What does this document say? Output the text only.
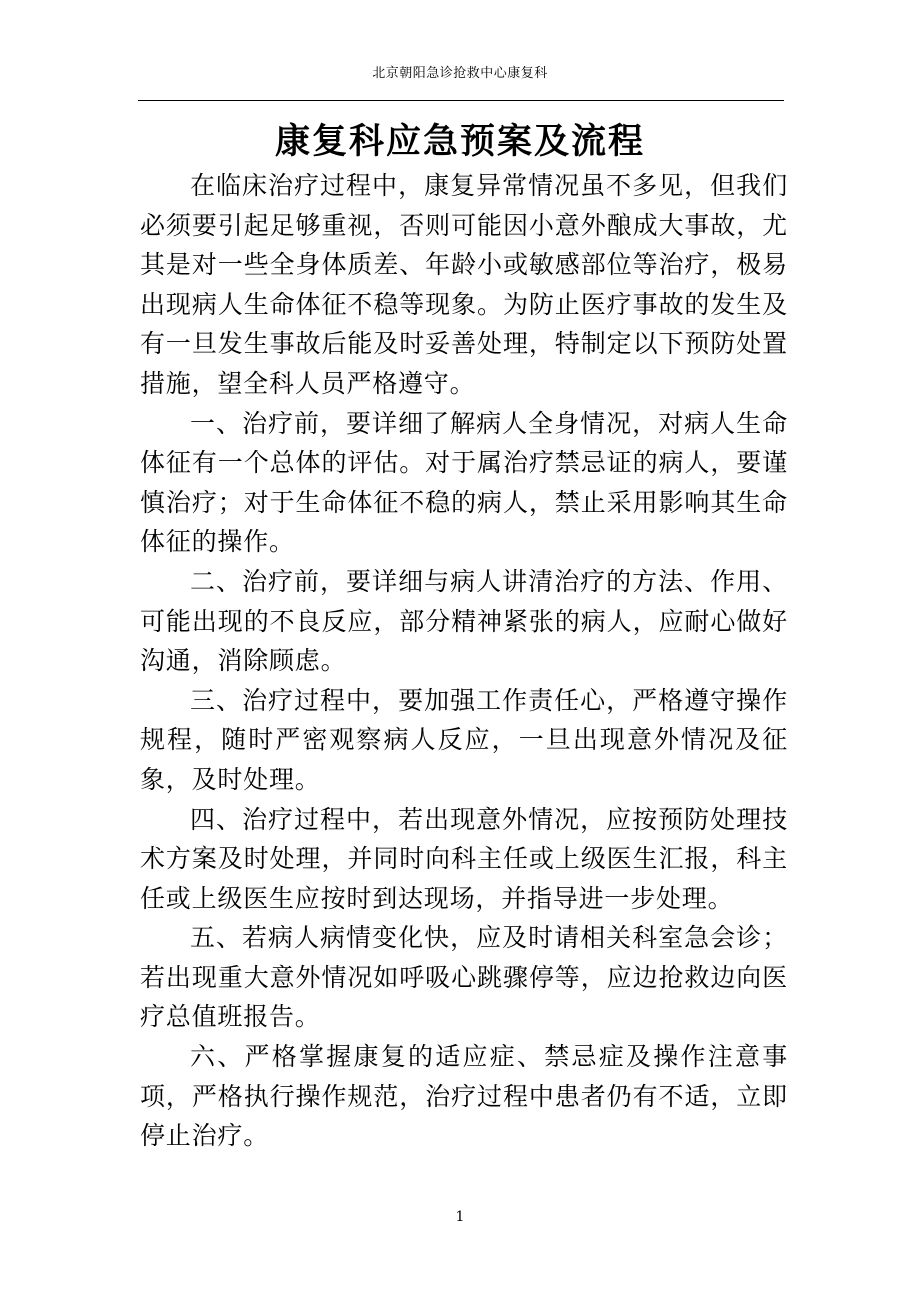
北京朝阳急诊抢救中心康复科
康复科应急预案及流程

在临床治疗过程中，康复异常情况虽不多见，但我们必须要引起足够重视，否则可能因小意外酿成大事故，尤其是对一些全身体质差、年龄小或敏感部位等治疗，极易出现病人生命体征不稳等现象。为防止医疗事故的发生及有一旦发生事故后能及时妥善处理，特制定以下预防处置措施，望全科人员严格遵守。

一、治疗前，要详细了解病人全身情况，对病人生命体征有一个总体的评估。对于属治疗禁忌证的病人，要谨慎治疗；对于生命体征不稳的病人，禁止采用影响其生命体征的操作。

二、治疗前，要详细与病人讲清治疗的方法、作用、可能出现的不良反应，部分精神紧张的病人，应耐心做好沟通，消除顾虑。

三、治疗过程中，要加强工作责任心，严格遵守操作规程，随时严密观察病人反应，一旦出现意外情况及征象，及时处理。

四、治疗过程中，若出现意外情况，应按预防处理技术方案及时处理，并同时向科主任或上级医生汇报，科主任或上级医生应按时到达现场，并指导进一步处理。

五、若病人病情变化快，应及时请相关科室急会诊；若出现重大意外情况如呼吸心跳骤停等，应边抢救边向医疗总值班报告。

六、严格掌握康复的适应症、禁忌症及操作注意事项，严格执行操作规范，治疗过程中患者仍有不适，立即停止治疗。

1
